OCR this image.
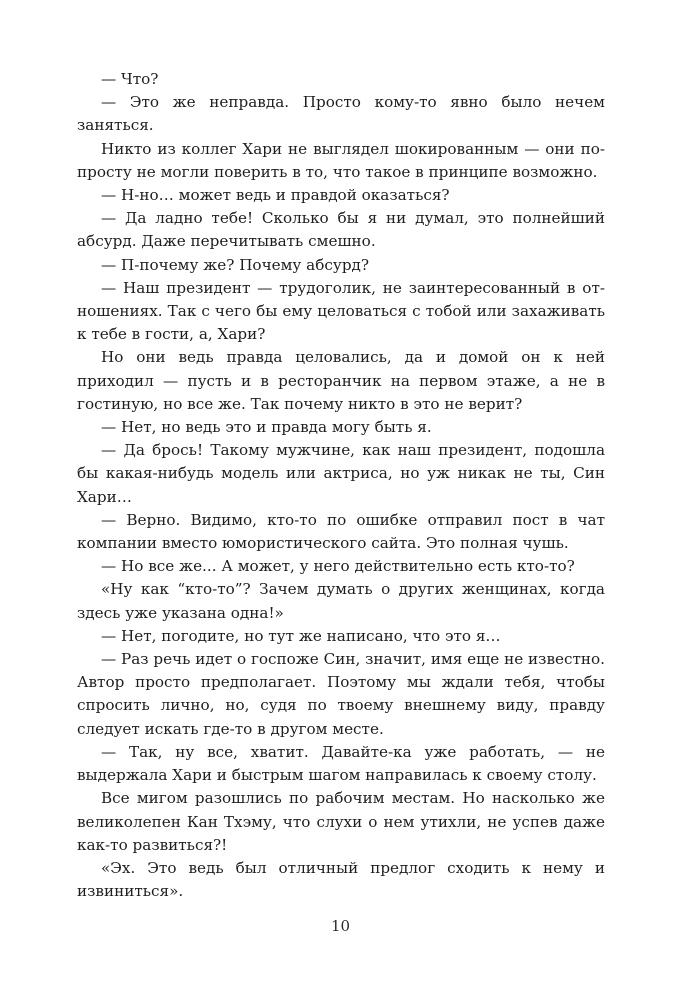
— Что?

— Это же неправда. Просто кому-то явно было нечем заняться.

Никто из коллег Хари не выглядел шокированным — они попросту не могли поверить в то, что такое в принципе возможно.

— Н-но… может ведь и правдой оказаться?

— Да ладно тебе! Сколько бы я ни думал, это полнейший абсурд. Даже перечитывать смешно.

— П-почему же? Почему абсурд?

— Наш президент — трудоголик, не заинтересованный в отношениях. Так с чего бы ему целоваться с тобой или захаживать к тебе в гости, а, Хари?

Но они ведь правда целовались, да и домой он к ней приходил — пусть и в ресторанчик на первом этаже, а не в гостиную, но все же. Так почему никто в это не верит?

— Нет, но ведь это и правда могу быть я.

— Да брось! Такому мужчине, как наш президент, подошла бы какая-нибудь модель или актриса, но уж никак не ты, Син Хари…

— Верно. Видимо, кто-то по ошибке отправил пост в чат компании вместо юмористического сайта. Это полная чушь.

— Но все же... А может, у него действительно есть кто-то?

«Ну как “кто-то”? Зачем думать о других женщинах, когда здесь уже указана одна!»

— Нет, погодите, но тут же написано, что это я…

— Раз речь идет о госпоже Син, значит, имя еще не известно. Автор просто предполагает. Поэтому мы ждали тебя, чтобы спросить лично, но, судя по твоему внешнему виду, правду следует искать где-то в другом месте.

— Так, ну все, хватит. Давайте-ка уже работать, — не выдержала Хари и быстрым шагом направилась к своему столу.

Все мигом разошлись по рабочим местам. Но насколько же великолепен Кан Тхэму, что слухи о нем утихли, не успев даже как-то развиться?!

«Эх. Это ведь был отличный предлог сходить к нему и извиниться».

10
